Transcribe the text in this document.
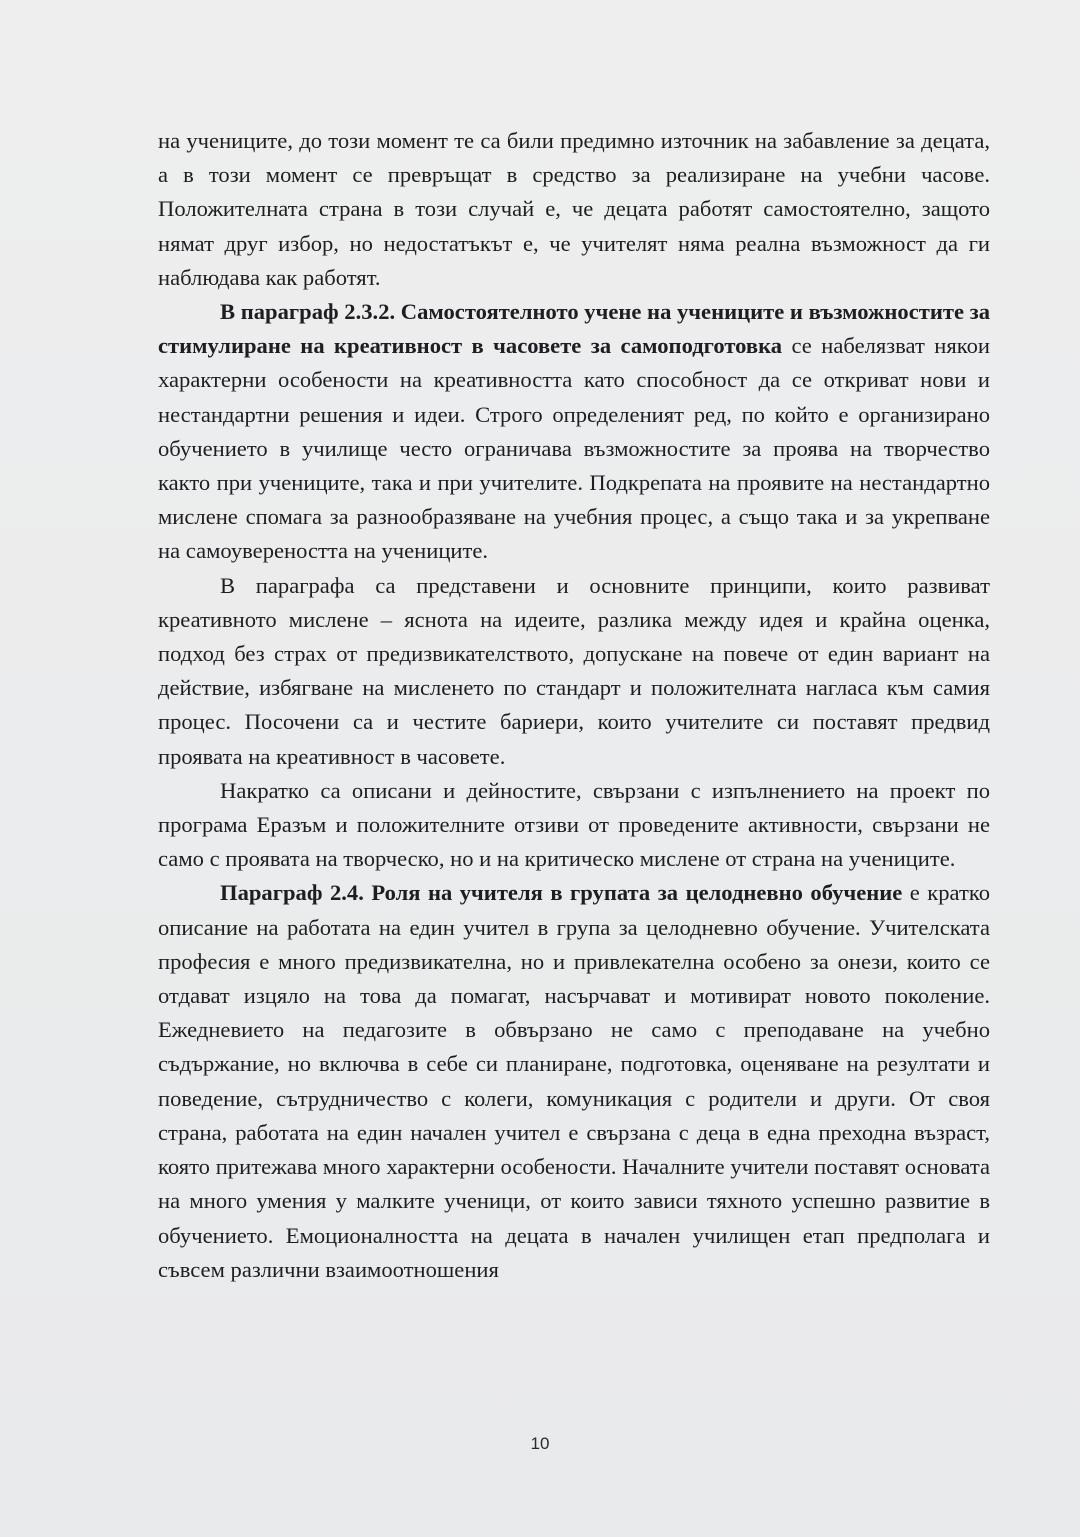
на учениците, до този момент те са били предимно източник на забавление за децата, а в този момент се превръщат в средство за реализиране на учебни часове. Положителната страна в този случай е, че децата работят самостоятелно, защото нямат друг избор, но недостатъкът е, че учителят няма реална възможност да ги наблюдава как работят.

В параграф 2.3.2. Самостоятелното учене на учениците и възможностите за стимулиране на креативност в часовете за самоподготовка се набелязват някои характерни особености на креативността като способност да се откриват нови и нестандартни решения и идеи. Строго определеният ред, по който е организирано обучението в училище често ограничава възможностите за проява на творчество както при учениците, така и при учителите. Подкрепата на проявите на нестандартно мислене спомага за разнообразяване на учебния процес, а също така и за укрепване на самоувереността на учениците.

В параграфа са представени и основните принципи, които развиват креативното мислене – яснота на идеите, разлика между идея и крайна оценка, подход без страх от предизвикателството, допускане на повече от един вариант на действие, избягване на мисленето по стандарт и положителната нагласа към самия процес. Посочени са и честите бариери, които учителите си поставят предвид проявата на креативност в часовете.

Накратко са описани и дейностите, свързани с изпълнението на проект по програма Еразъм и положителните отзиви от проведените активности, свързани не само с проявата на творческо, но и на критическо мислене от страна на учениците.

Параграф 2.4. Роля на учителя в групата за целодневно обучение е кратко описание на работата на един учител в група за целодневно обучение. Учителската професия е много предизвикателна, но и привлекателна особено за онези, които се отдават изцяло на това да помагат, насърчават и мотивират новото поколение. Ежедневието на педагозите в обвързано не само с преподаване на учебно съдържание, но включва в себе си планиране, подготовка, оценяване на резултати и поведение, сътрудничество с колеги, комуникация с родители и други. От своя страна, работата на един начален учител е свързана с деца в една преходна възраст, която притежава много характерни особености. Началните учители поставят основата на много умения у малките ученици, от които зависи тяхното успешно развитие в обучението. Емоционалността на децата в начален училищен етап предполага и съвсем различни взаимоотношения

10
